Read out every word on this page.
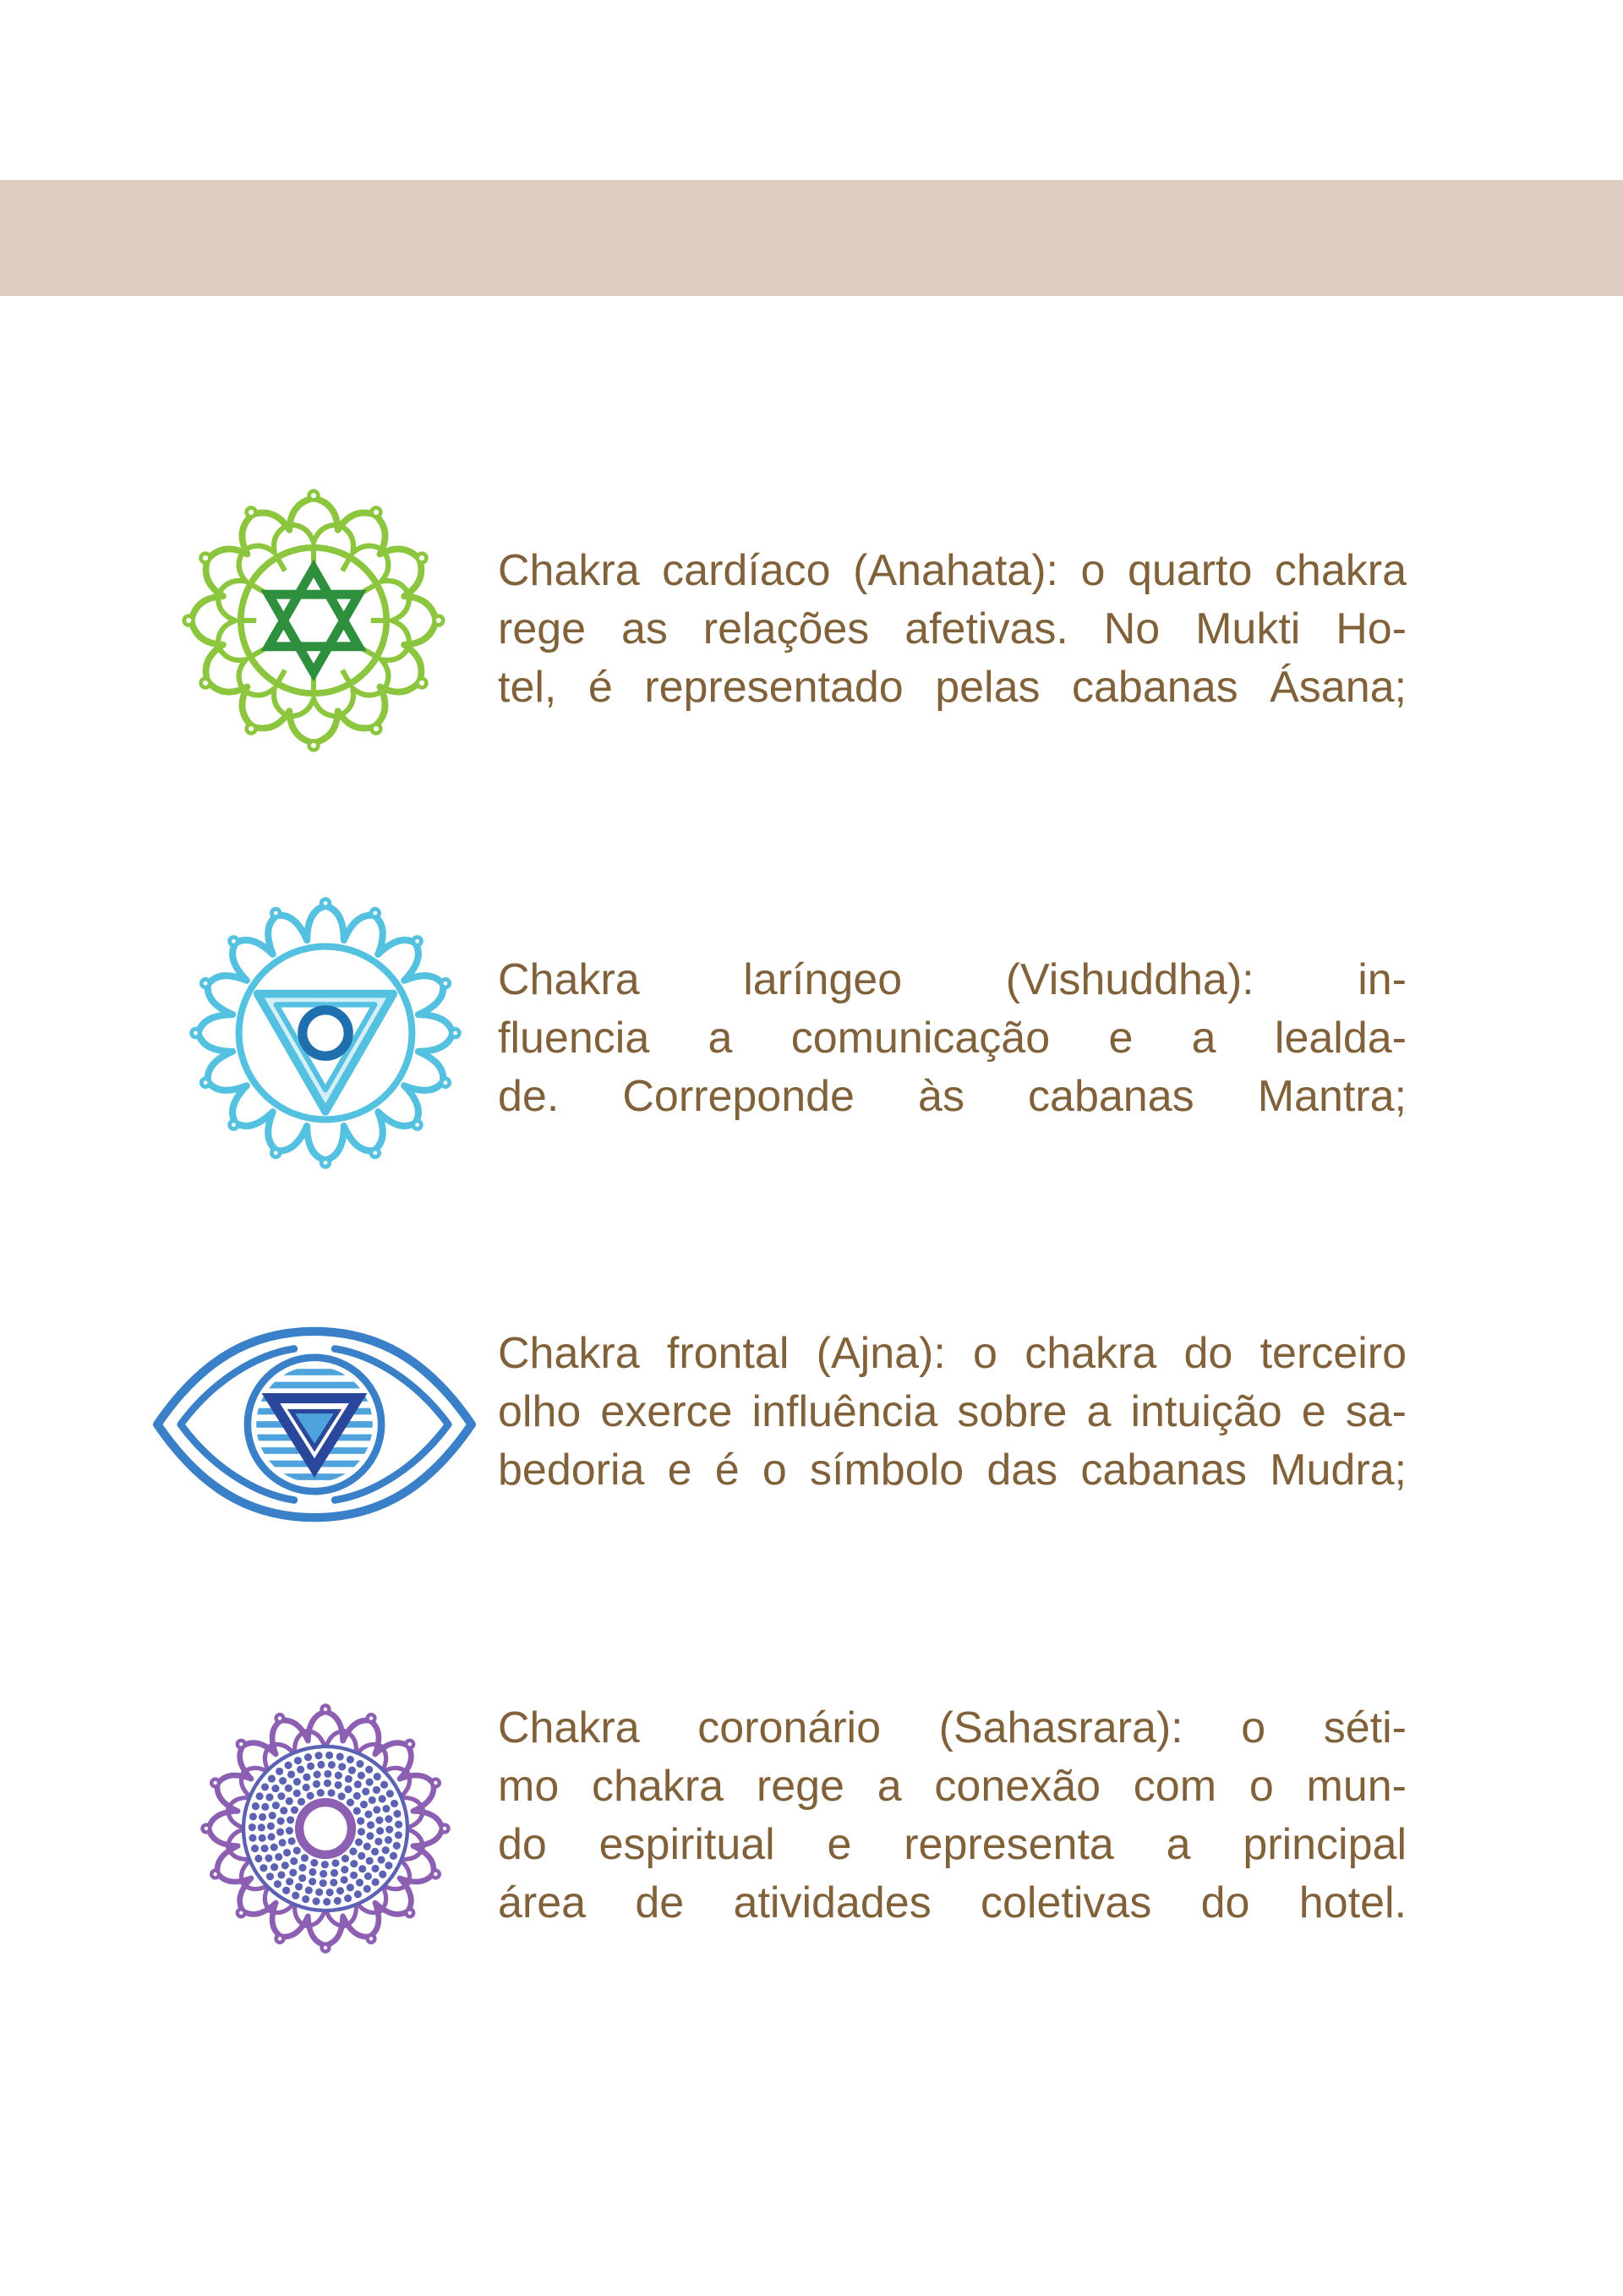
Chakra cardíaco (Anahata): o quarto chakra
rege as relações afetivas. No Mukti Ho-
tel, é representado pelas cabanas Ásana;
Chakra laríngeo (Vishuddha): in-
fluencia a comunicação e a lealda-
de. Correponde às cabanas Mantra;
Chakra frontal (Ajna): o chakra do terceiro
olho exerce influência sobre a intuição e sa-
bedoria e é o símbolo das cabanas Mudra;
Chakra coronário (Sahasrara): o séti-
mo chakra rege a conexão com o mun-
do espiritual e representa a principal
área de atividades coletivas do hotel.
